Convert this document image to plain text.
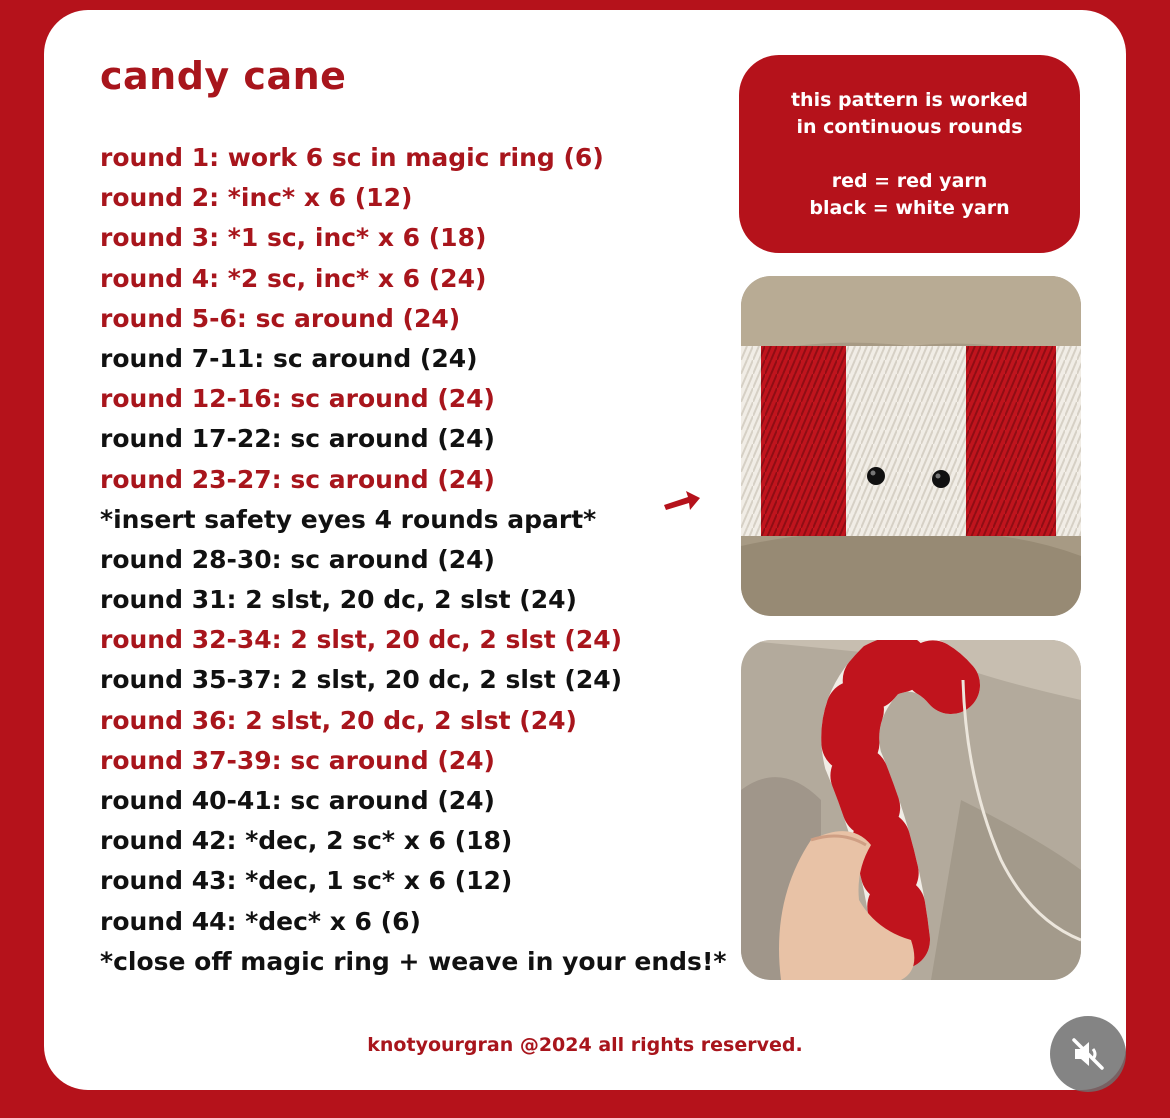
candy cane
round 1: work 6 sc in magic ring (6)
round 2: *inc* x 6 (12)
round 3: *1 sc, inc* x 6 (18)
round 4: *2 sc, inc* x 6 (24)
round 5-6: sc around (24)
round 7-11: sc around (24)
round 12-16: sc around (24)
round 17-22: sc around (24)
round 23-27: sc around (24)
*insert safety eyes 4 rounds apart*
round 28-30: sc around (24)
round 31: 2 slst, 20 dc, 2 slst (24)
round 32-34: 2 slst, 20 dc, 2 slst (24)
round 35-37: 2 slst, 20 dc, 2 slst (24)
round 36: 2 slst, 20 dc, 2 slst (24)
round 37-39: sc around (24)
round 40-41: sc around (24)
round 42: *dec, 2 sc* x 6 (18)
round 43: *dec, 1 sc* x 6 (12)
round 44: *dec* x 6 (6)
*close off magic ring + weave in your ends!*
this pattern is worked
in continuous rounds
red = red yarn
black = white yarn
knotyourgran @2024 all rights reserved.
